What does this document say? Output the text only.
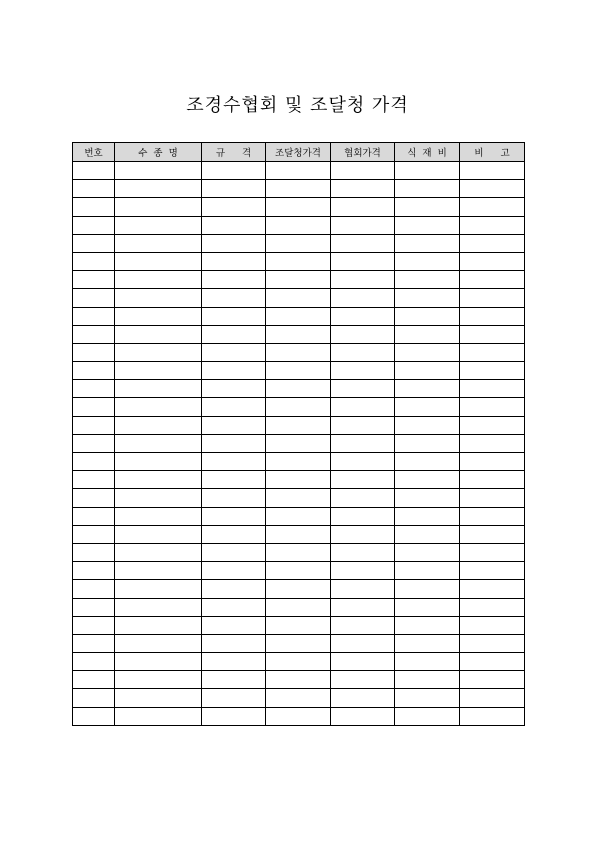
조경수협회 및 조달청 가격
번호	수 종 명	규 격	조달청가격	협회가격	식 재 비	비 고
